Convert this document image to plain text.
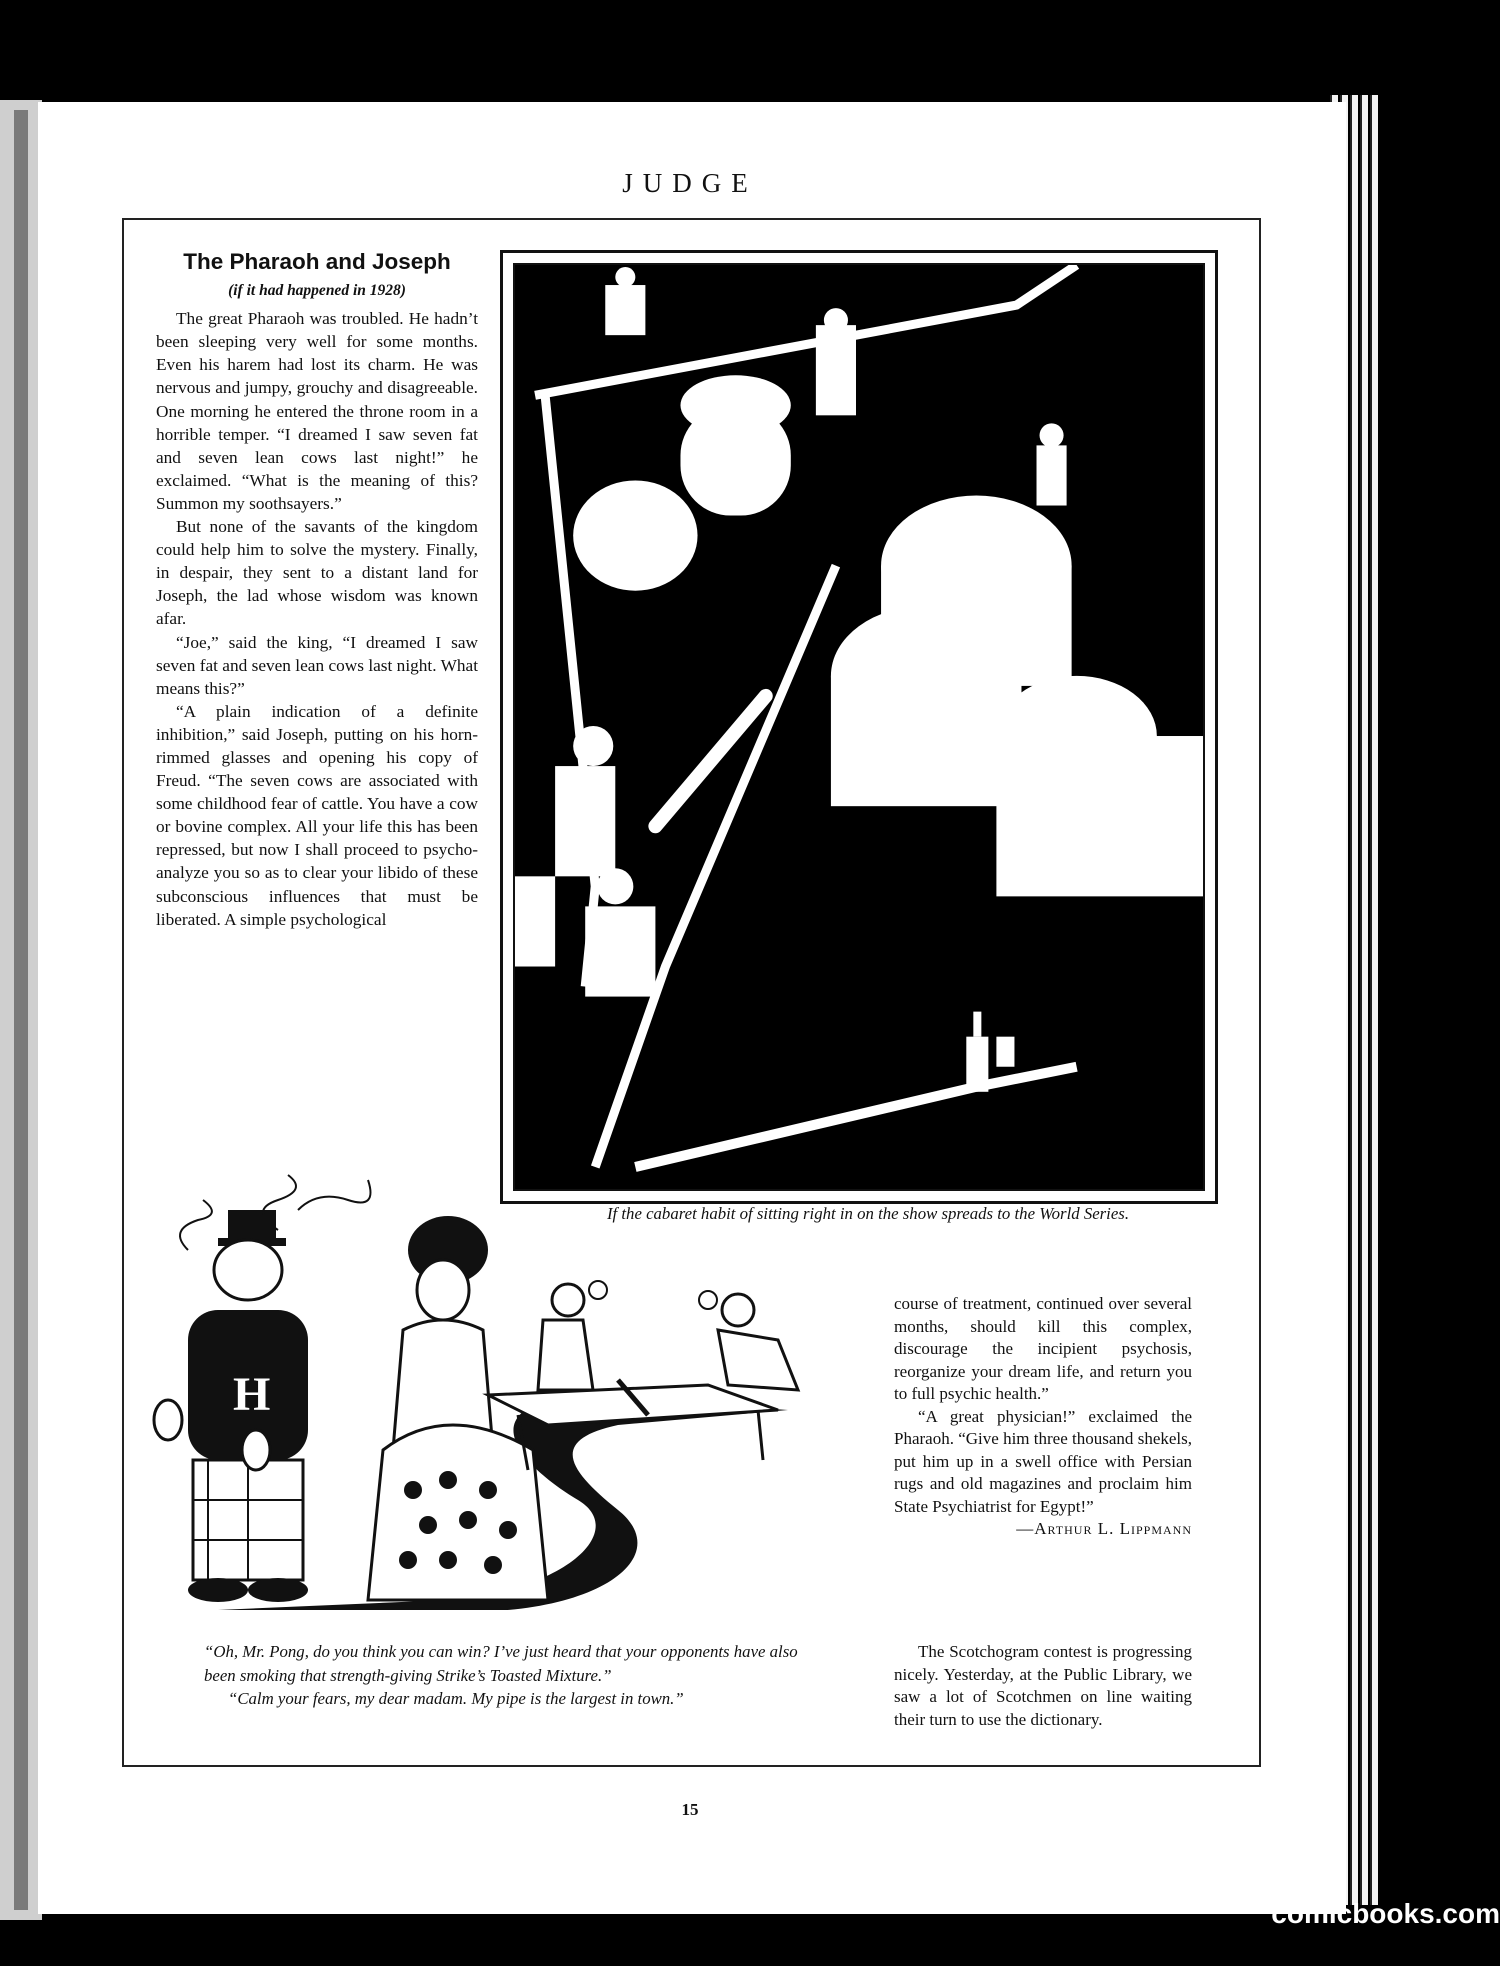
JUDGE
The Pharaoh and Joseph
(if it had happened in 1928)

The great Pharaoh was troubled. He hadn’t been sleeping very well for some months. Even his harem had lost its charm. He was nervous and jumpy, grouchy and disagreeable. One morning he entered the throne room in a horrible temper. “I dreamed I saw seven fat and seven lean cows last night!” he exclaimed. “What is the meaning of this? Summon my soothsayers.”

But none of the savants of the kingdom could help him to solve the mystery. Finally, in despair, they sent to a distant land for Joseph, the lad whose wisdom was known afar.

“Joe,” said the king, “I dreamed I saw seven fat and seven lean cows last night. What means this?”

“A plain indication of a definite inhibition,” said Joseph, putting on his horn-rimmed glasses and opening his copy of Freud. “The seven cows are associated with some childhood fear of cattle. You have a cow or bovine complex. All your life this has been repressed, but now I shall proceed to psycho-analyze you so as to clear your libido of these subconscious influences that must be liberated. A simple psychological

If the cabaret habit of sitting right in on the show spreads to the World Series.
H
Dr S.

“Oh, Mr. Pong, do you think you can win? I’ve just heard that your opponents have also been smoking that strength-giving Strike’s Toasted Mixture.”

“Calm your fears, my dear madam. My pipe is the largest in town.”

course of treatment, continued over several months, should kill this complex, discourage the incipient psychosis, reorganize your dream life, and return you to full psychic health.”

“A great physician!” exclaimed the Pharaoh. “Give him three thousand shekels, put him up in a swell office with Persian rugs and old magazines and proclaim him State Psychiatrist for Egypt!”

—Arthur L. Lippmann

The Scotchogram contest is progressing nicely. Yesterday, at the Public Library, we saw a lot of Scotchmen on line waiting their turn to use the dictionary.

15
comicbooks.com
